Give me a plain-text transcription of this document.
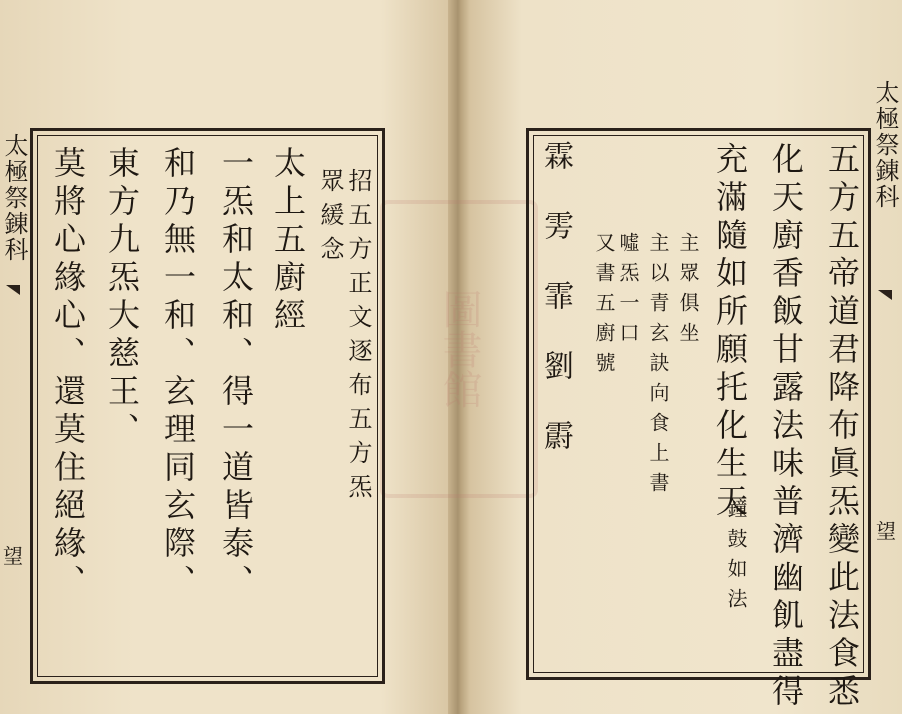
圖書館
太極祭錬科
望
招五方正文逐布五方炁
眾緩念
太上五廚經
一炁和太和、得一道皆泰、
和乃無一和、玄理同玄際、
東方九炁大慈王、
莫將心緣心、還莫住絕緣、
太極祭錬科
望
五方五帝道君降布眞炁變此法食悉
化天廚香飯甘露法味普濟幽飢盡得
充滿隨如所願托化生天
鐘鼓如法
主眾俱坐
主以青玄訣向食上書
噓炁一口
又書五廚號
霖雱霏劉霨
